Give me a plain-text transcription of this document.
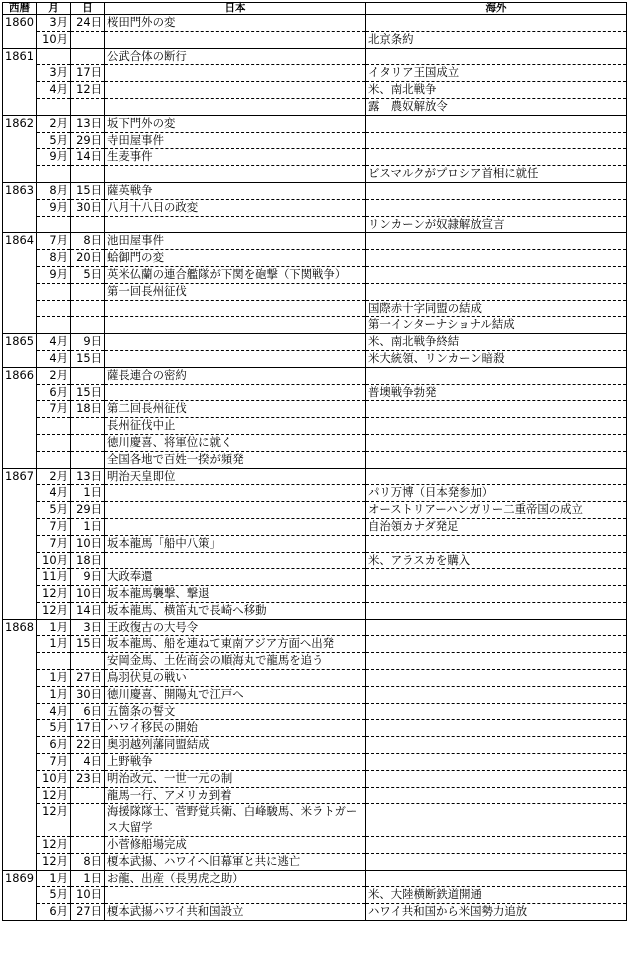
西暦	月	日	日本	海外
1860	3月	24日	桜田門外の変	
	10月			北京条約
1861			公武合体の断行	
	3月	17日		イタリア王国成立
	4月	12日		米、南北戦争
				露　農奴解放令
1862	2月	13日	坂下門外の変	
	5月	29日	寺田屋事件	
	9月	14日	生麦事件	
				ビスマルクがプロシア首相に就任
1863	8月	15日	薩英戦争	
	9月	30日	八月十八日の政変	
				リンカーンが奴隷解放宣言
1864	7月	8日	池田屋事件	
	8月	20日	蛤御門の変	
	9月	5日	英米仏蘭の連合艦隊が下関を砲撃（下関戦争）	
			第一回長州征伐	
				国際赤十字同盟の結成
				第一インターナショナル結成
1865	4月	9日		米、南北戦争終結
	4月	15日		米大統領、リンカーン暗殺
1866	2月		薩長連合の密約	
	6月	15日		普墺戦争勃発
	7月	18日	第二回長州征伐	
			長州征伐中止	
			徳川慶喜、将軍位に就く	
			全国各地で百姓一揆が頻発	
1867	2月	13日	明治天皇即位	
	4月	1日		パリ万博（日本発参加）
	5月	29日		オーストリアーハンガリー二重帝国の成立
	7月	1日		自治領カナダ発足
	7月	10日	坂本龍馬「船中八策」	
	10月	18日		米、アラスカを購入
	11月	9日	大政奉還	
	12月	10日	坂本龍馬襲撃、撃退	
	12月	14日	坂本龍馬、横笛丸で長崎へ移動	
1868	1月	3日	王政復古の大号令	
	1月	15日	坂本龍馬、船を連ねて東南アジア方面へ出発	
			安岡金馬、土佐商会の順海丸で龍馬を追う	
	1月	27日	鳥羽伏見の戦い	
	1月	30日	徳川慶喜、開陽丸で江戸へ	
	4月	6日	五箇条の誓文	
	5月	17日	ハワイ移民の開始	
	6月	22日	奥羽越列藩同盟結成	
	7月	4日	上野戦争	
	10月	23日	明治改元、一世一元の制	
	12月		龍馬一行、アメリカ到着	
	12月		海援隊隊士、菅野覚兵衛、白峰駿馬、米ラトガース大留学	
	12月		小菅修船場完成	
	12月	8日	榎本武揚、ハワイへ旧幕軍と共に逃亡	
1869	1月	1日	お龍、出産（長男虎之助）	
	5月	10日		米、大陸横断鉄道開通
	6月	27日	榎本武揚ハワイ共和国設立	ハワイ共和国から米国勢力追放
